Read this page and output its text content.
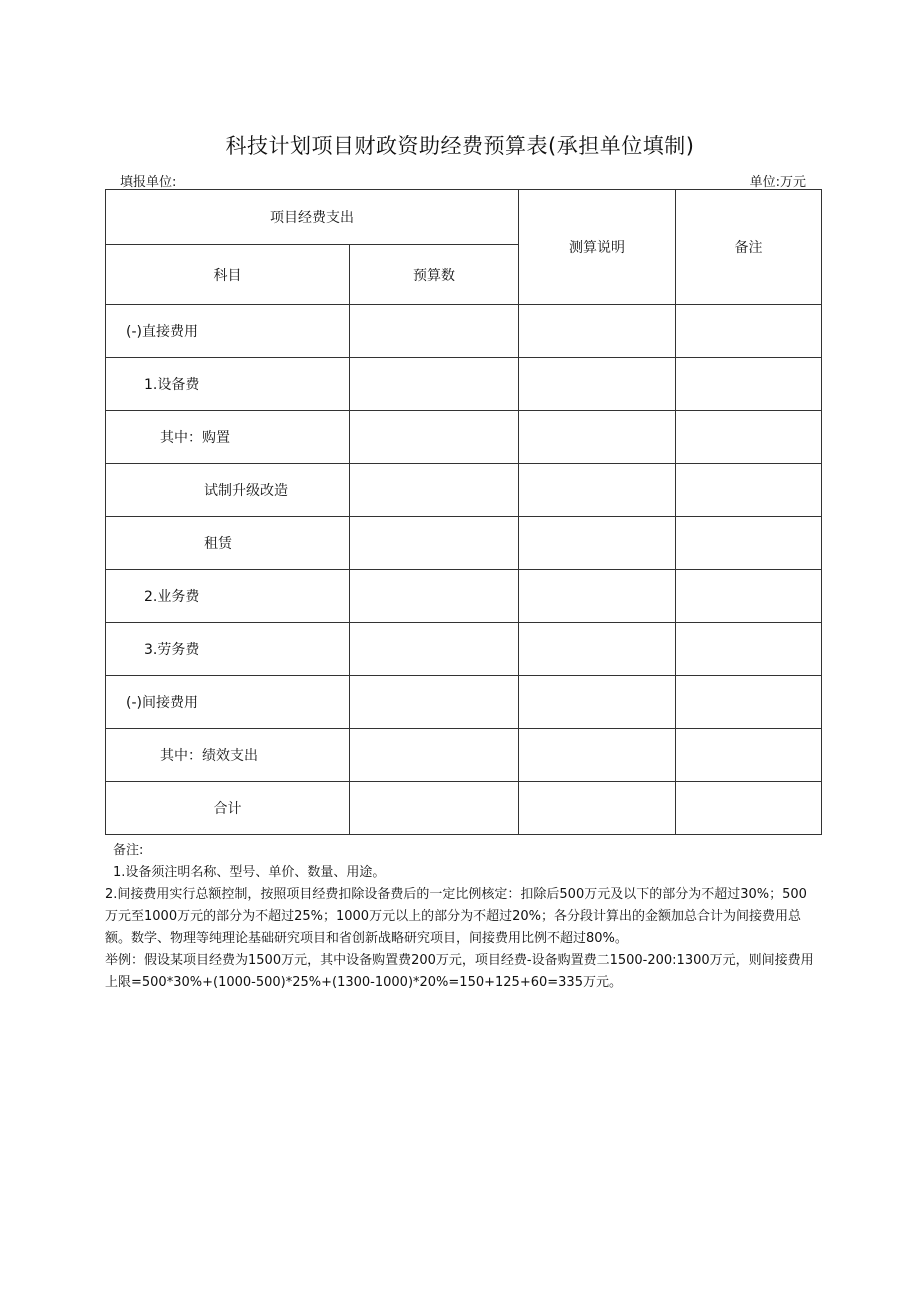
科技计划项目财政资助经费预算表(承担单位填制)
填报单位:	单位:万元
项目经费支出		测算说明	备注
科目	预算数		
(-)直接费用			
1.设备费			
其中：购置			
试制升级改造			
租赁			
2.业务费			
3.劳务费			
(-)间接费用			
其中：绩效支出			
合计			

备注:

1.设备须注明名称、型号、单价、数量、用途。

2.间接费用实行总额控制，按照项目经费扣除设备费后的一定比例核定：扣除后500万元及以下的部分为不超过30%；500万元至1000万元的部分为不超过25%；1000万元以上的部分为不超过20%；各分段计算出的金额加总合计为间接费用总额。数学、物理等纯理论基础研究项目和省创新战略研究项目，间接费用比例不超过80%。

举例：假设某项目经费为1500万元，其中设备购置费200万元，项目经费-设备购置费二1500-200:1300万元，则间接费用上限=500*30%+(1000-500)*25%+(1300-1000)*20%=150+125+60=335万元。
